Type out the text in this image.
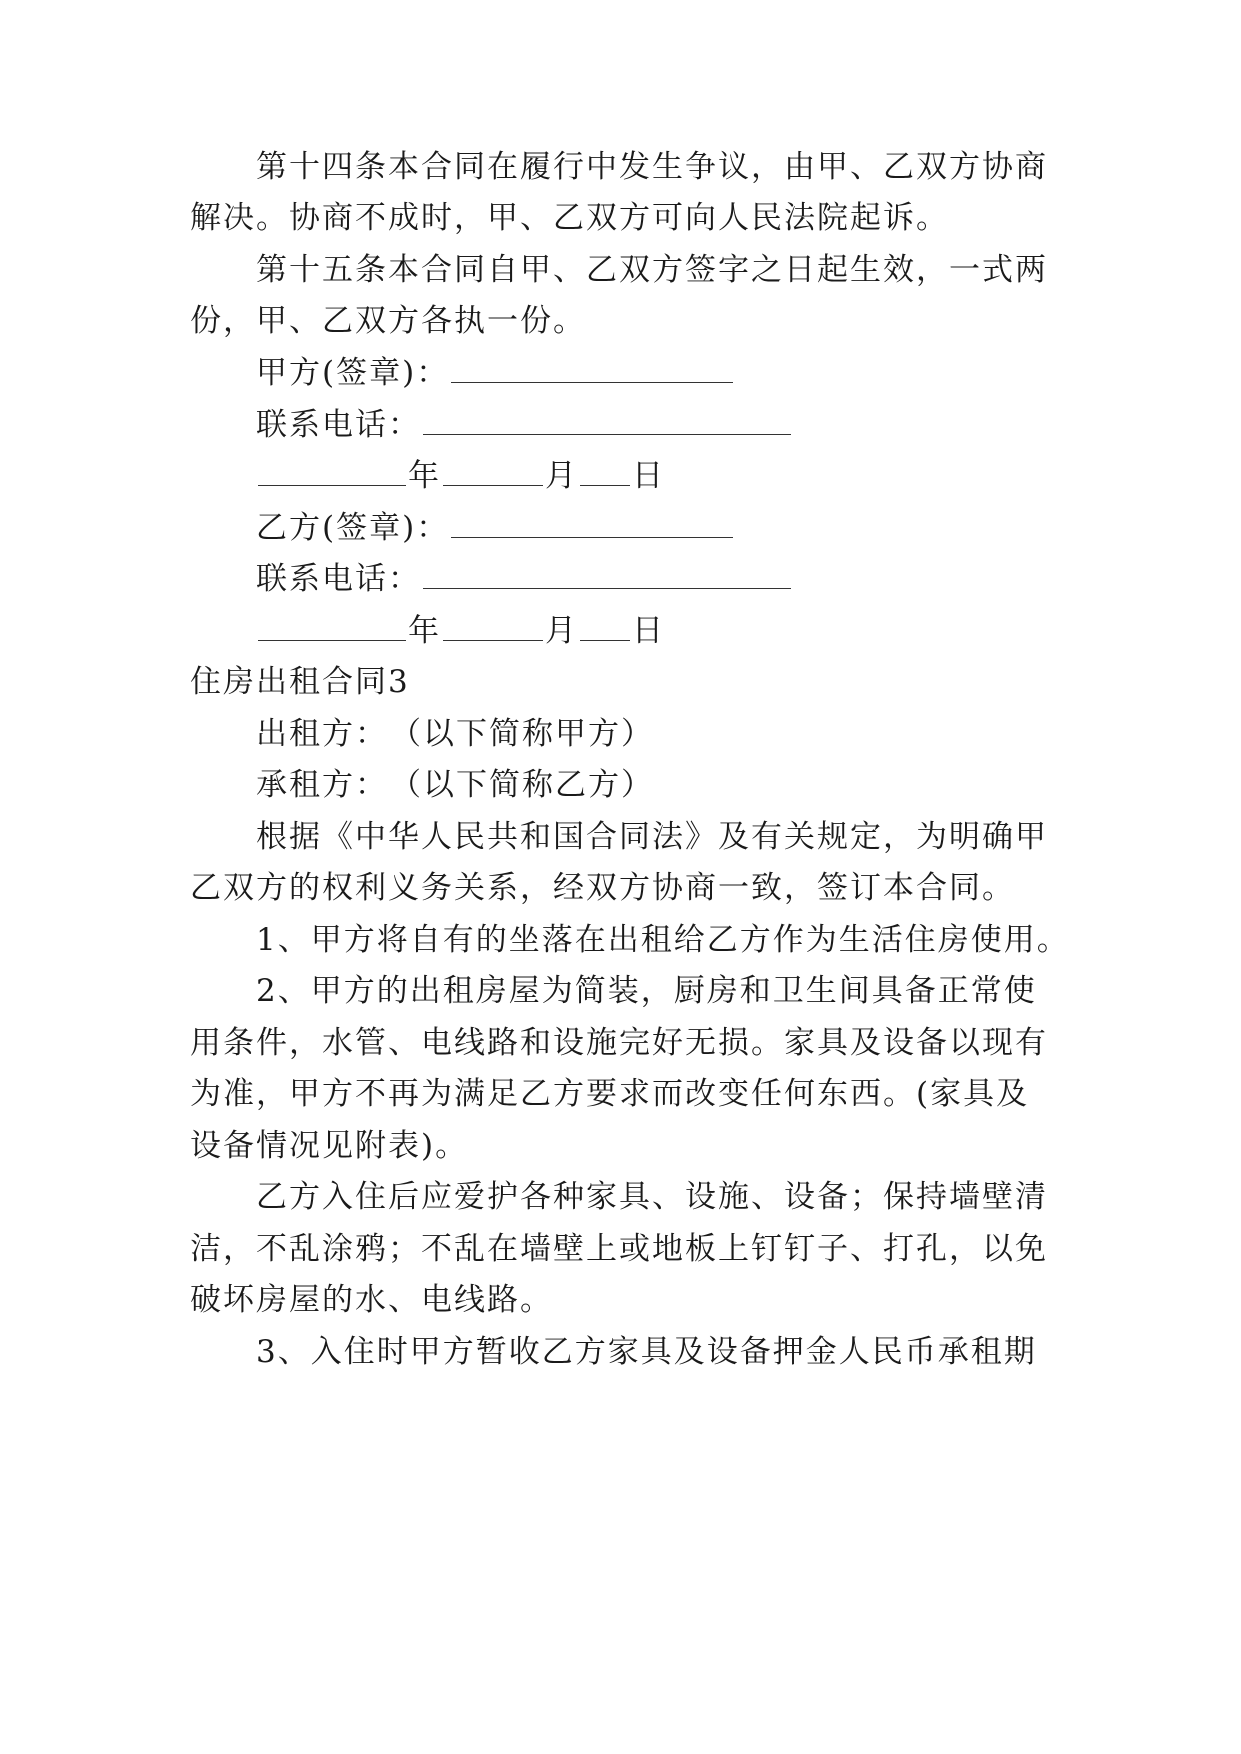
第十四条本合同在履行中发生争议，由甲、乙双方协商
解决。协商不成时，甲、乙双方可向人民法院起诉。
第十五条本合同自甲、乙双方签字之日起生效，一式两
份，甲、乙双方各执一份。
甲方(签章)：
联系电话：
年	月 日
乙方(签章)：
联系电话：
年	月 日
住房出租合同3
出租方：　（以下简称甲方）
承租方：　（以下简称乙方）
根据《中华人民共和国合同法》及有关规定，为明确甲
乙双方的权利义务关系，经双方协商一致，签订本合同。
1、甲方将自有的坐落在出租给乙方作为生活住房使用。
2、甲方的出租房屋为简装，厨房和卫生间具备正常使
用条件，水管、电线路和设施完好无损。家具及设备以现有
为准，甲方不再为满足乙方要求而改变任何东西。(家具及
设备情况见附表)。
乙方入住后应爱护各种家具、设施、设备；保持墙壁清
洁，不乱涂鸦；不乱在墙壁上或地板上钉钉子、打孔，以免
破坏房屋的水、电线路。
3、入住时甲方暂收乙方家具及设备押金人民币承租期
